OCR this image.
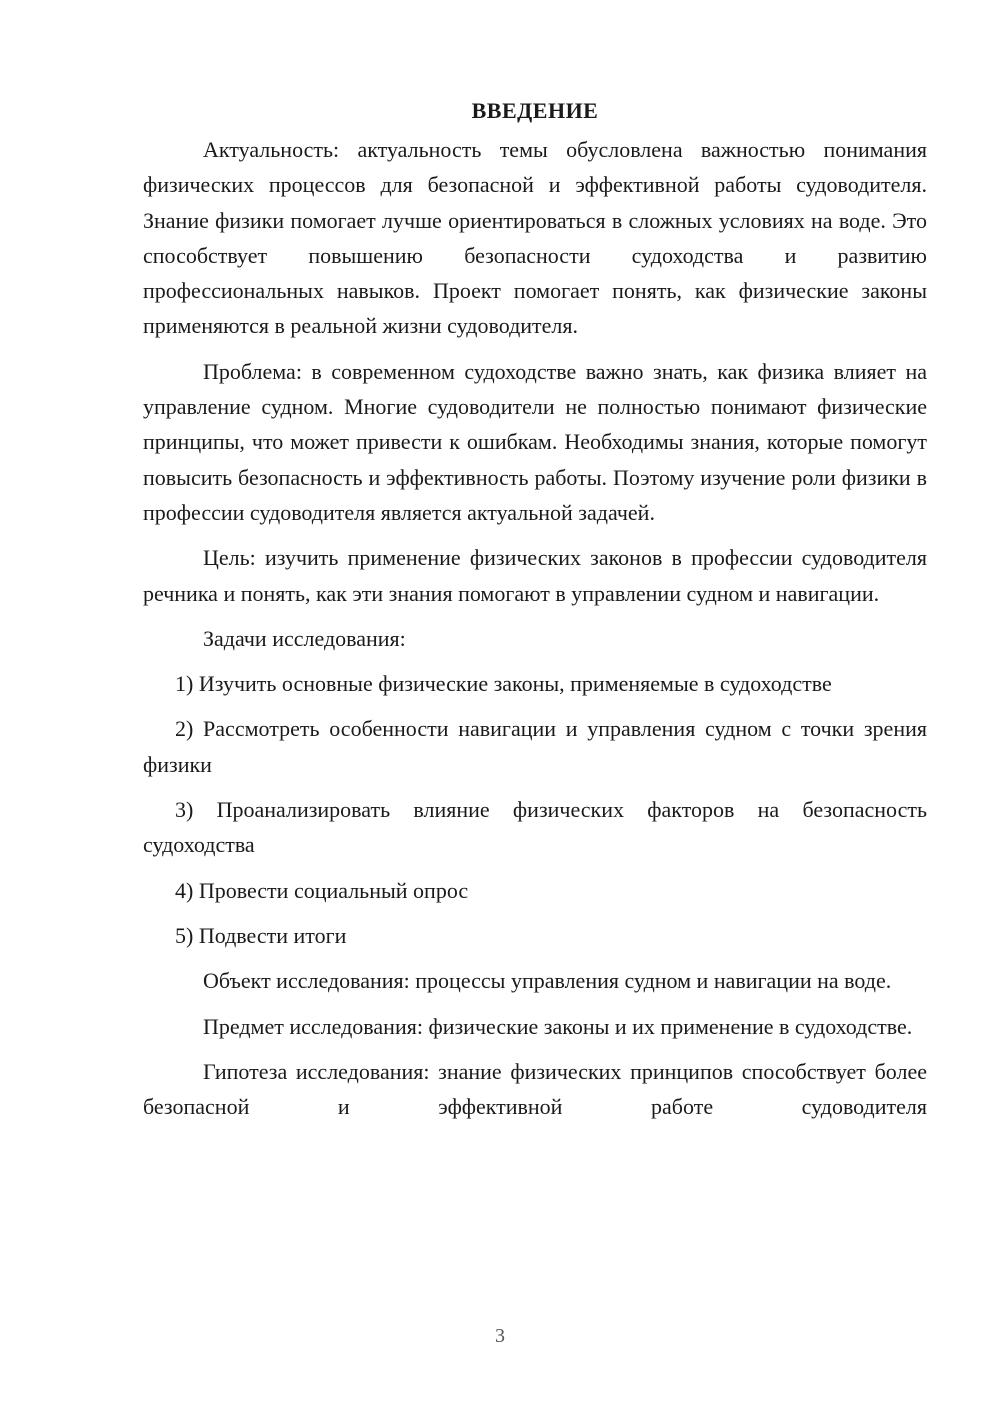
ВВЕДЕНИЕ

Актуальность: актуальность темы обусловлена важностью понимания физических процессов для безопасной и эффективной работы судоводителя. Знание физики помогает лучше ориентироваться в сложных условиях на воде. Это способствует повышению безопасности судоходства и развитию профессиональных навыков. Проект помогает понять, как физические законы применяются в реальной жизни судоводителя.

Проблема: в современном судоходстве важно знать, как физика влияет на управление судном. Многие судоводители не полностью понимают физические принципы, что может привести к ошибкам. Необходимы знания, которые помогут повысить безопасность и эффективность работы. Поэтому изучение роли физики в профессии судоводителя является актуальной задачей.

Цель: изучить применение физических законов в профессии судоводителя речника и понять, как эти знания помогают в управлении судном и навигации.

Задачи исследования:

1) Изучить основные физические законы, применяемые в судоходстве

2) Рассмотреть особенности навигации и управления судном с точки зрения физики

3) Проанализировать влияние физических факторов на безопасность судоходства

4) Провести социальный опрос

5) Подвести итоги

Объект исследования: процессы управления судном и навигации на воде.

Предмет исследования: физические законы и их применение в судоходстве.

Гипотеза исследования: знание физических принципов способствует более безопасной и эффективной работе судоводителя

3
